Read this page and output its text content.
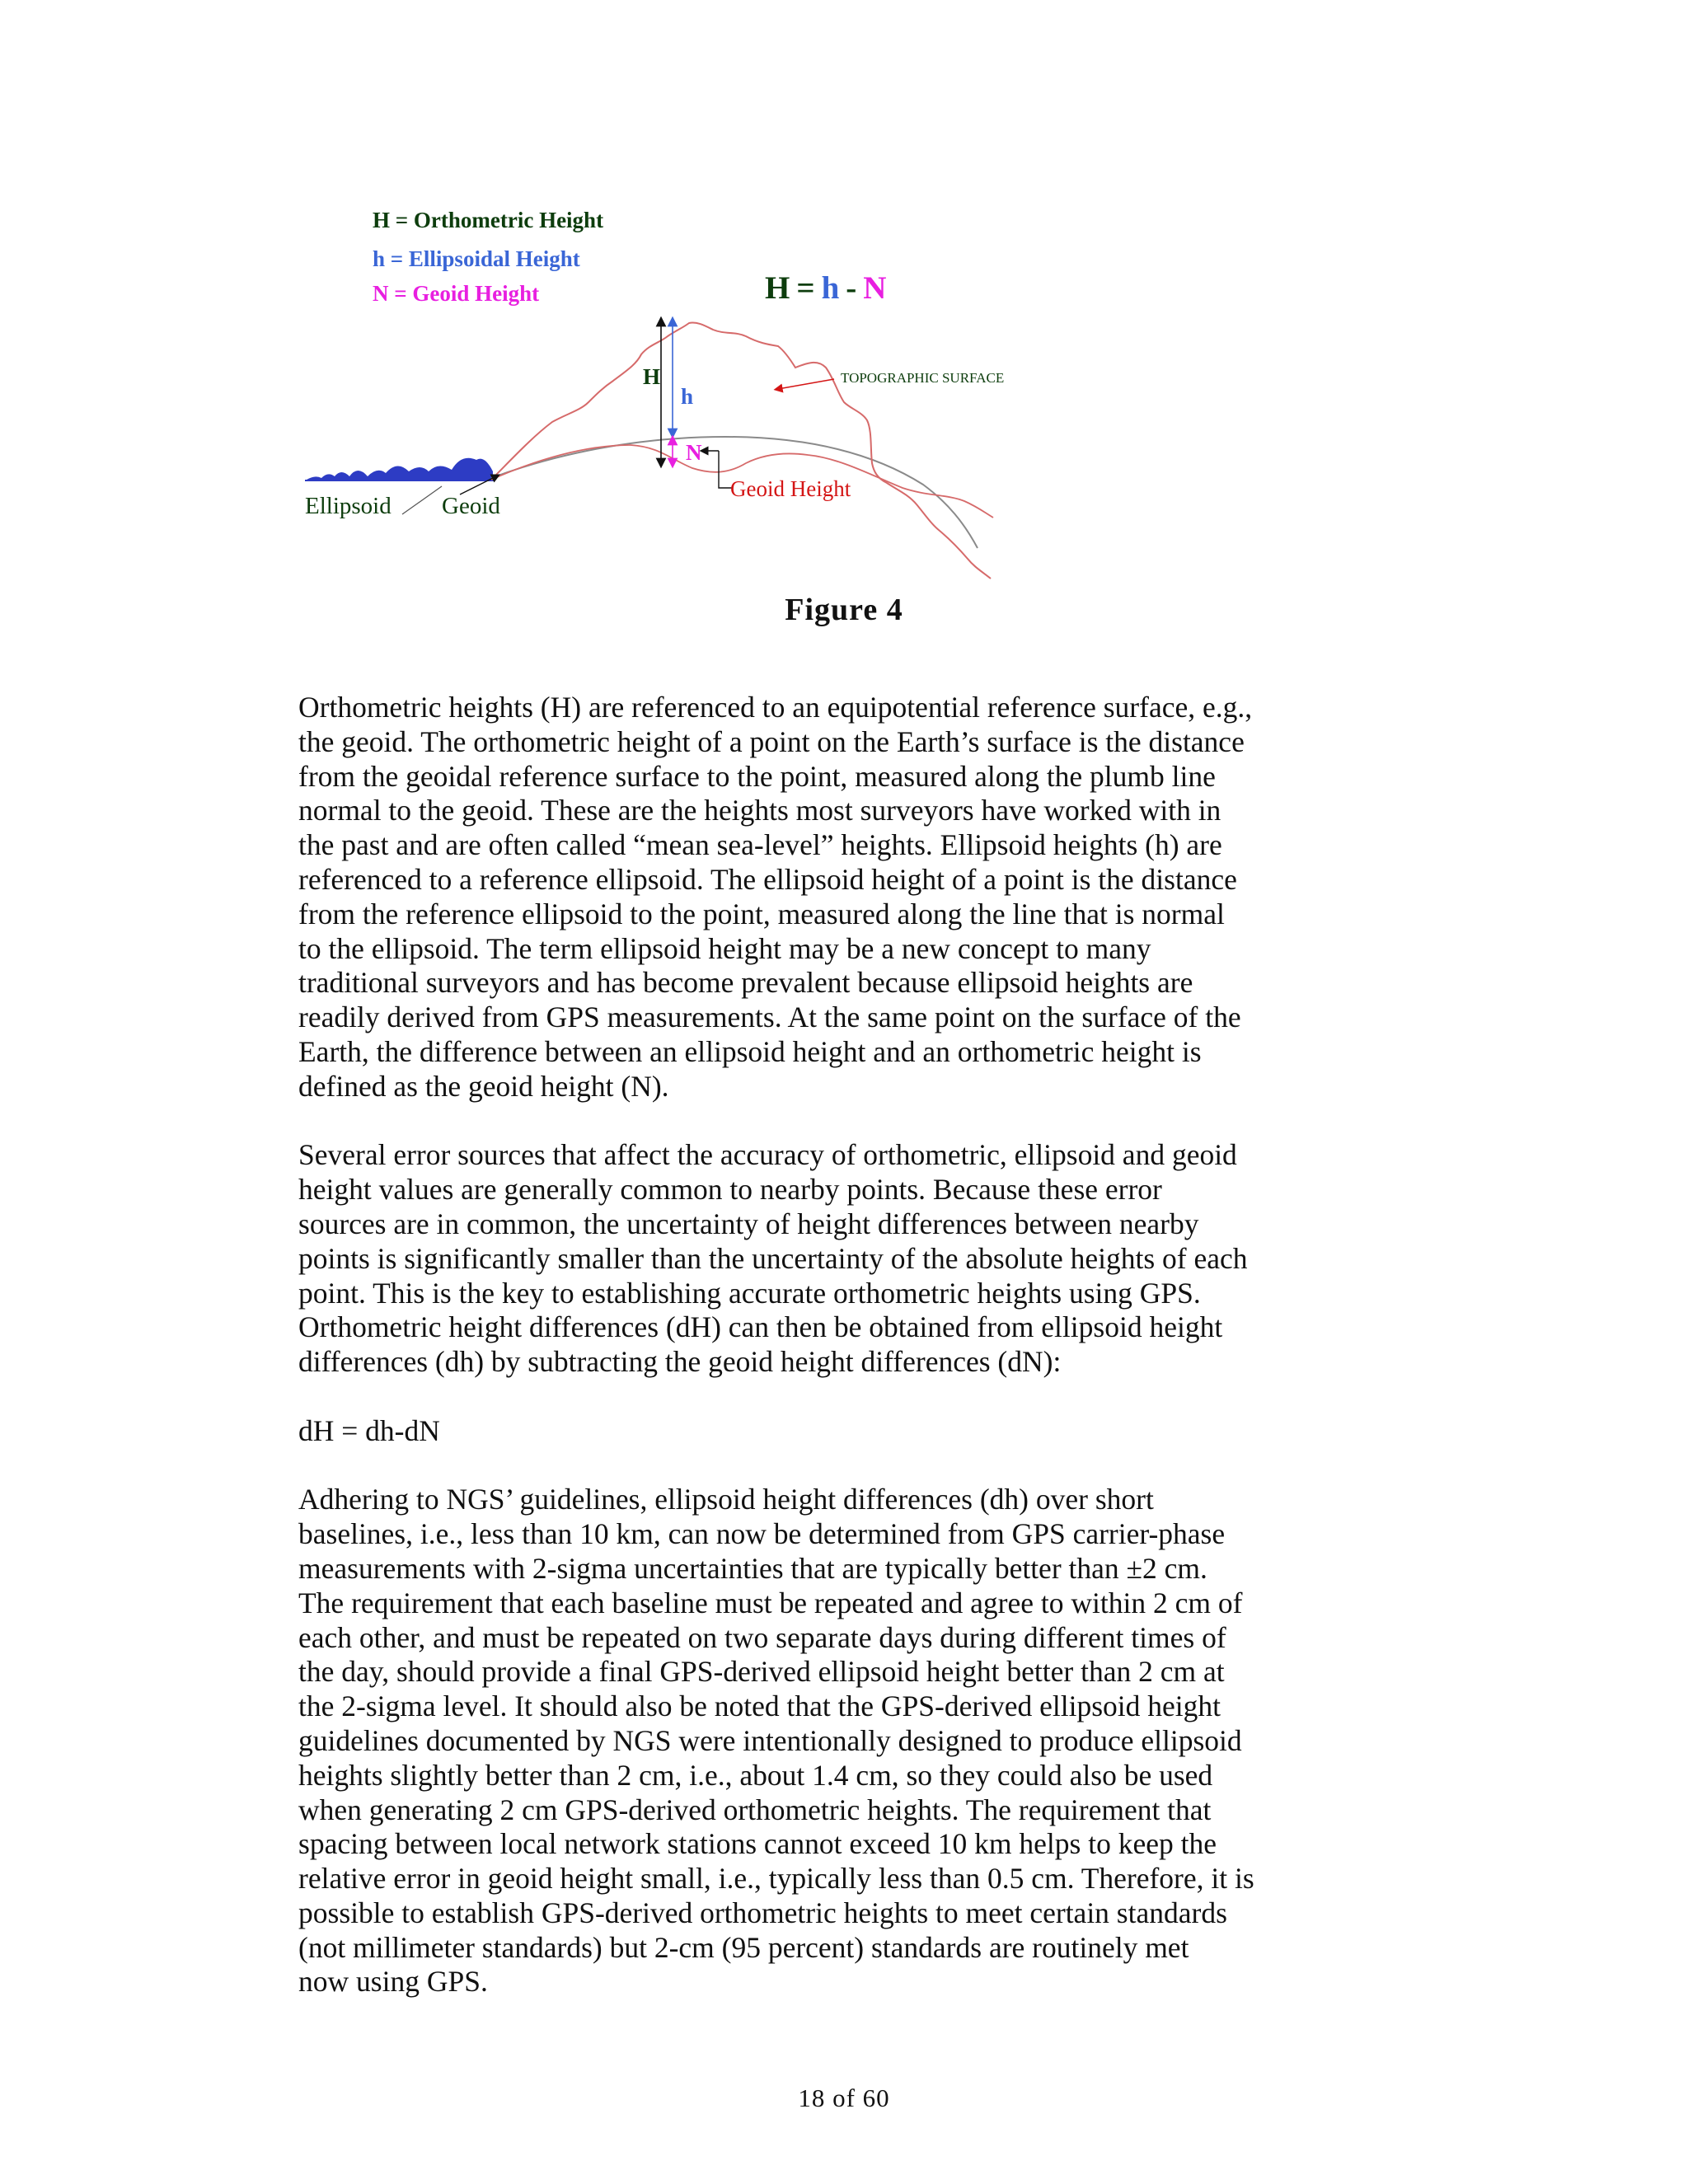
H = Orthometric Height
h = Ellipsoidal Height
N = Geoid Height	H = h - N
H
h
N
Geoid Height
TOPOGRAPHIC SURFACE
Ellipsoid Geoid
Figure 4

Orthometric heights (H) are referenced to an equipotential reference surface, e.g.,
the geoid. The orthometric height of a point on the Earth’s surface is the distance
from the geoidal reference surface to the point, measured along the plumb line
normal to the geoid. These are the heights most surveyors have worked with in
the past and are often called “mean sea-level” heights. Ellipsoid heights (h) are
referenced to a reference ellipsoid. The ellipsoid height of a point is the distance
from the reference ellipsoid to the point, measured along the line that is normal
to the ellipsoid. The term ellipsoid height may be a new concept to many
traditional surveyors and has become prevalent because ellipsoid heights are
readily derived from GPS measurements. At the same point on the surface of the
Earth, the difference between an ellipsoid height and an orthometric height is
defined as the geoid height (N).

Several error sources that affect the accuracy of orthometric, ellipsoid and geoid
height values are generally common to nearby points. Because these error
sources are in common, the uncertainty of height differences between nearby
points is significantly smaller than the uncertainty of the absolute heights of each
point. This is the key to establishing accurate orthometric heights using GPS.
Orthometric height differences (dH) can then be obtained from ellipsoid height
differences (dh) by subtracting the geoid height differences (dN):

dH = dh-dN

Adhering to NGS’ guidelines, ellipsoid height differences (dh) over short
baselines, i.e., less than 10 km, can now be determined from GPS carrier-phase
measurements with 2-sigma uncertainties that are typically better than ±2 cm.
The requirement that each baseline must be repeated and agree to within 2 cm of
each other, and must be repeated on two separate days during different times of
the day, should provide a final GPS-derived ellipsoid height better than 2 cm at
the 2-sigma level. It should also be noted that the GPS-derived ellipsoid height
guidelines documented by NGS were intentionally designed to produce ellipsoid
heights slightly better than 2 cm, i.e., about 1.4 cm, so they could also be used
when generating 2 cm GPS-derived orthometric heights. The requirement that
spacing between local network stations cannot exceed 10 km helps to keep the
relative error in geoid height small, i.e., typically less than 0.5 cm. Therefore, it is
possible to establish GPS-derived orthometric heights to meet certain standards
(not millimeter standards) but 2-cm (95 percent) standards are routinely met
now using GPS.

18 of 60
